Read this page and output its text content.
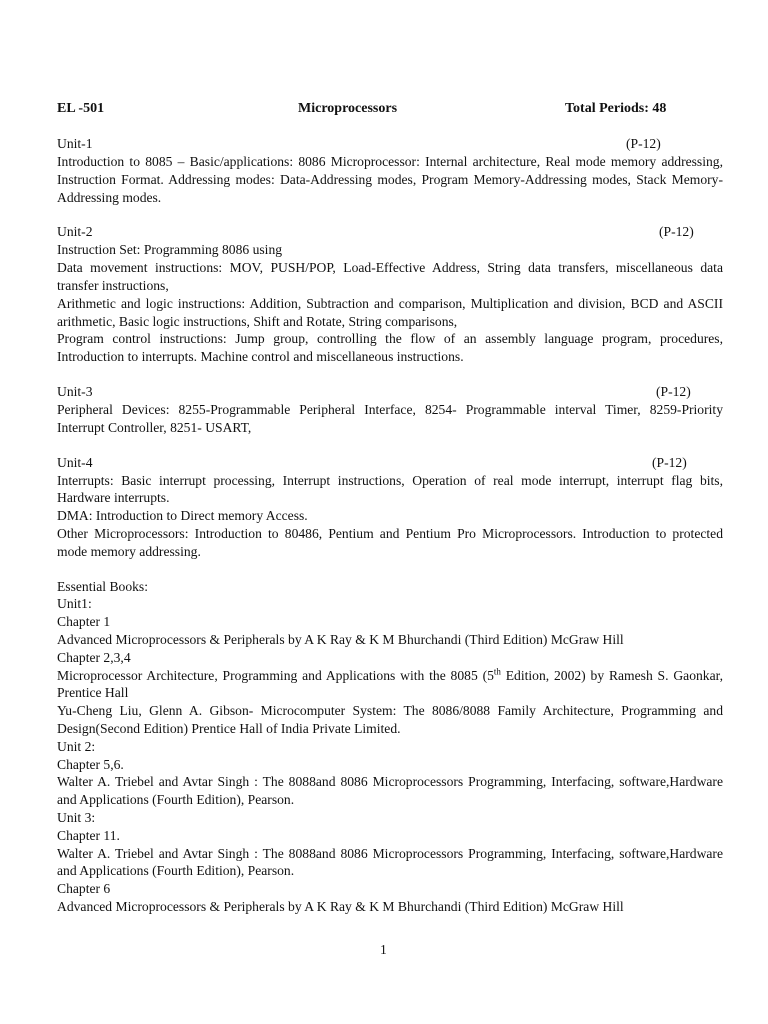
EL -501	Microprocessors	Total Periods: 48
Unit-1	(P-12)

Introduction to 8085 – Basic/applications: 8086 Microprocessor: Internal architecture, Real mode memory addressing, Instruction Format. Addressing modes: Data-Addressing modes, Program Memory-Addressing modes, Stack Memory-Addressing modes.

Unit-2	(P-12)

Instruction Set: Programming 8086 using

Data movement instructions: MOV, PUSH/POP, Load-Effective Address, String data transfers, miscellaneous data transfer instructions,

Arithmetic and logic instructions: Addition, Subtraction and comparison, Multiplication and division, BCD and ASCII arithmetic, Basic logic instructions, Shift and Rotate, String comparisons,

Program control instructions: Jump group, controlling the flow of an assembly language program, procedures, Introduction to interrupts. Machine control and miscellaneous instructions.

Unit-3	(P-12)

Peripheral Devices: 8255-Programmable Peripheral Interface, 8254- Programmable interval Timer, 8259-Priority Interrupt Controller, 8251- USART,

Unit-4	(P-12)

Interrupts: Basic interrupt processing, Interrupt instructions, Operation of real mode interrupt, interrupt flag bits, Hardware interrupts.

DMA: Introduction to Direct memory Access.

Other Microprocessors: Introduction to 80486, Pentium and Pentium Pro Microprocessors. Introduction to protected mode memory addressing.

Essential Books:

Unit1:

Chapter 1

Advanced Microprocessors & Peripherals by A K Ray & K M Bhurchandi (Third Edition) McGraw Hill

Chapter 2,3,4

Microprocessor Architecture, Programming and Applications with the 8085 (5th Edition, 2002) by Ramesh S. Gaonkar, Prentice Hall

Yu-Cheng Liu, Glenn A. Gibson- Microcomputer System: The 8086/8088 Family Architecture, Programming and Design(Second Edition) Prentice Hall of India Private Limited.

Unit 2:

Chapter 5,6.

Walter A. Triebel and Avtar Singh : The 8088and 8086 Microprocessors Programming, Interfacing, software,Hardware and Applications (Fourth Edition), Pearson.

Unit 3:

Chapter 11.

Walter A. Triebel and Avtar Singh : The 8088and 8086 Microprocessors Programming, Interfacing, software,Hardware and Applications (Fourth Edition), Pearson.

Chapter 6

Advanced Microprocessors & Peripherals by A K Ray & K M Bhurchandi (Third Edition) McGraw Hill

1
